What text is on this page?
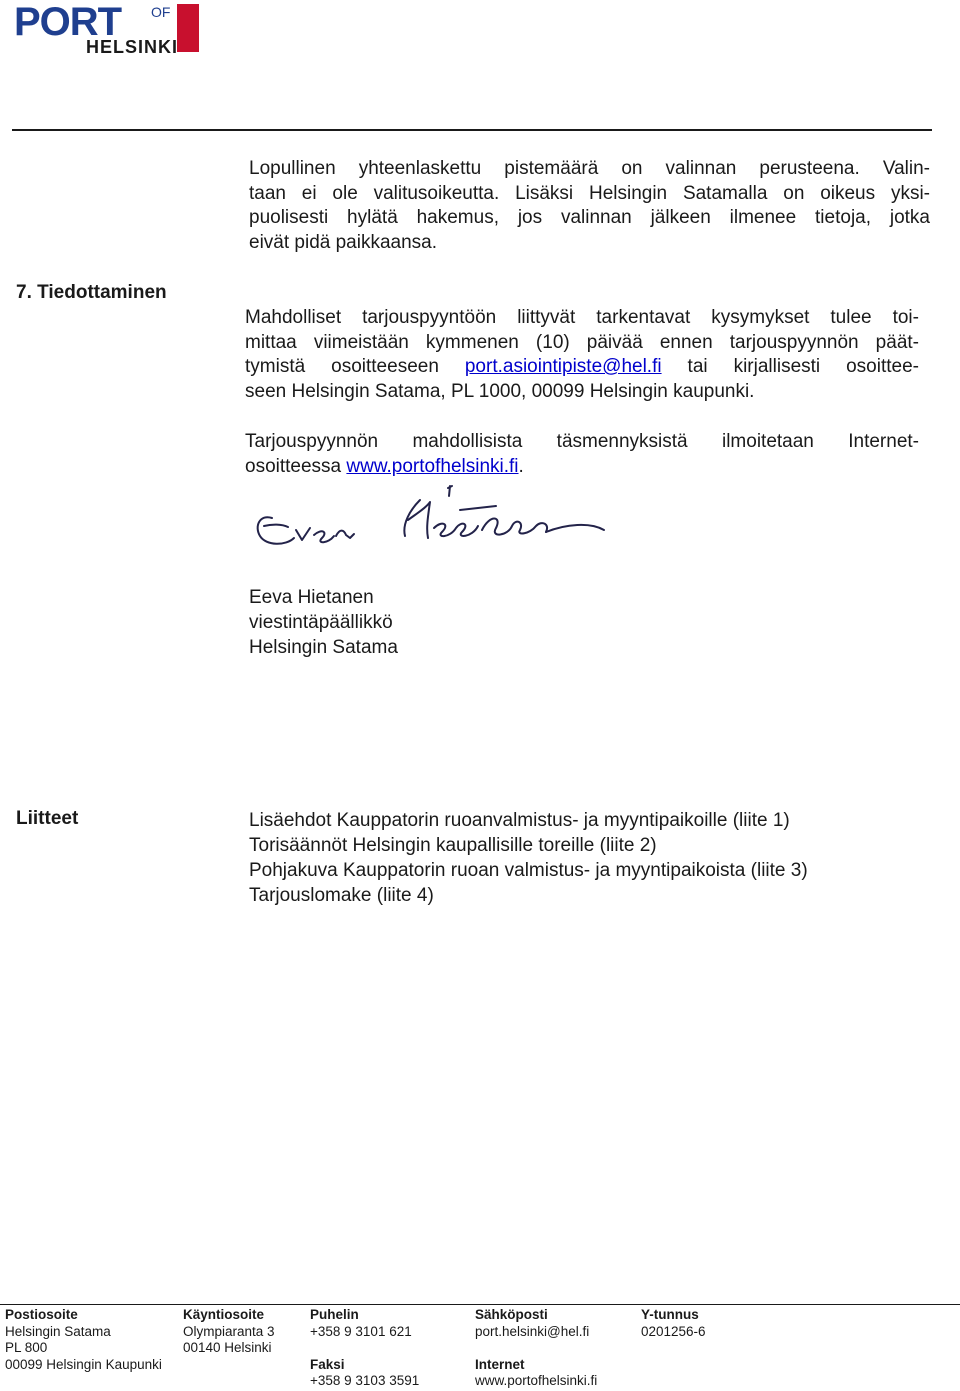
PORT OF
HELSINKI
Lopullinen yhteenlaskettu pistemäärä on valinnan perusteena. Valin-
taan ei ole valitusoikeutta. Lisäksi Helsingin Satamalla on oikeus yksi-
puolisesti hylätä hakemus, jos valinnan jälkeen ilmenee tietoja, jotka
eivät pidä paikkaansa.
7. Tiedottaminen
Mahdolliset tarjouspyyntöön liittyvät tarkentavat kysymykset tulee toi-
mittaa viimeistään kymmenen (10) päivää ennen tarjouspyynnön päät-
tymistä osoitteeseen port.asiointipiste@hel.fi tai kirjallisesti osoittee-
seen Helsingin Satama, PL 1000, 00099 Helsingin kaupunki.
Tarjouspyynnön mahdollisista täsmennyksistä ilmoitetaan Internet-
osoitteessa www.portofhelsinki.fi.
Eeva Hietanen
viestintäpäällikkö
Helsingin Satama
Liitteet	Lisäehdot Kauppatorin ruoanvalmistus- ja myyntipaikoille (liite 1)
Torisäännöt Helsingin kaupallisille toreille (liite 2)
Pohjakuva Kauppatorin ruoan valmistus- ja myyntipaikoista (liite 3)
Tarjouslomake (liite 4)
Postiosoite
Helsingin Satama
PL 800
00099 Helsingin Kaupunki
Käyntiosoite
Olympiaranta 3
00140 Helsinki
Puhelin
+358 9 3101 621
Faksi
+358 9 3103 3591
Sähköposti
port.helsinki@hel.fi
Internet
www.portofhelsinki.fi
Y-tunnus
0201256-6
